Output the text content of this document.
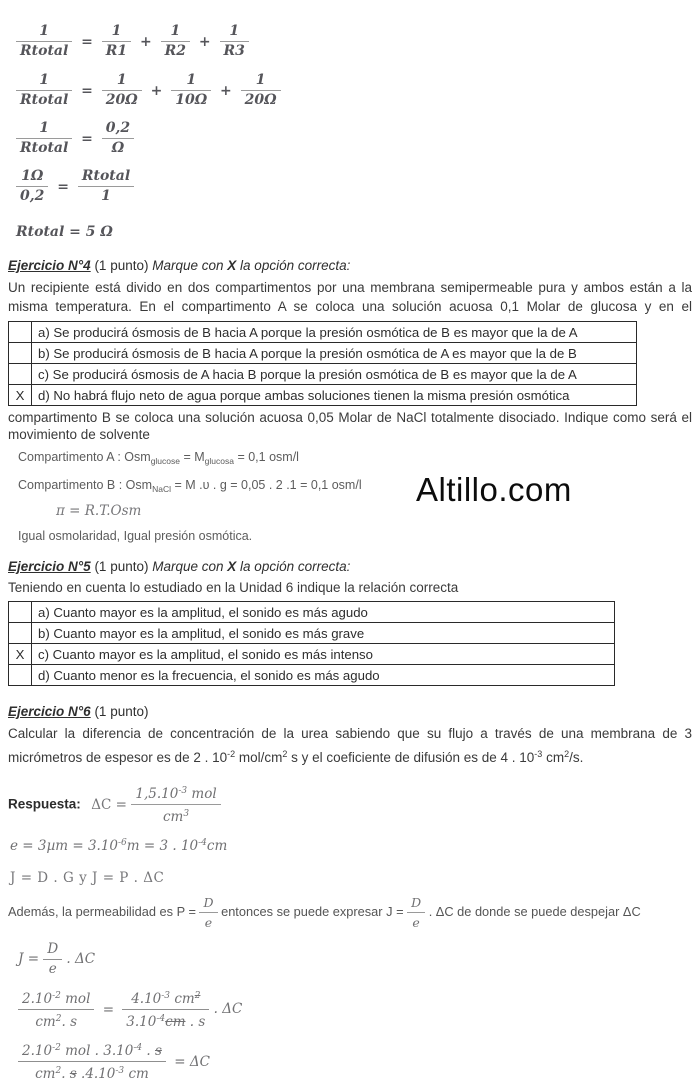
$\frac{1}{\text{Rtotal}} = \frac{1}{R1} + \frac{1}{R2} + \frac{1}{R3}$
$\frac{1}{\text{Rtotal}} = \frac{1}{20\Omega} + \frac{1}{10\Omega} + \frac{1}{20\Omega}$
$\frac{1}{\text{Rtotal}} = \frac{0,2}{\Omega}$
$\frac{1\Omega}{0,2} = \frac{\text{Rtotal}}{1}$
Rtotal = 5 Ω
Ejercicio N°4 (1 punto) Marque con X la opción correcta:
Un recipiente está divido en dos compartimentos por una membrana semipermeable pura y ambos están a la
misma temperatura. En el compartimento A se coloca una solución acuosa 0,1 Molar de glucosa y en el
	a) Se producirá ósmosis de B hacia A porque la presión osmótica de B es mayor que la de A
	b) Se producirá ósmosis de B hacia A porque la presión osmótica de A es mayor que la de B
	c) Se producirá ósmosis de A hacia B porque la presión osmótica de B es mayor que la de A
X	d) No habrá flujo neto de agua porque ambas soluciones tienen la misma presión osmótica
compartimento B se coloca una solución acuosa 0,05 Molar de NaCl totalmente disociado. Indique como será el
movimiento de solvente
Compartimento A : $Osm_{glucose} = M_{glucosa} = 0,1$ osm/l
Compartimento B : Osm$_{NaCl}$ = M .υ . g = 0,05 . 2 .1 = 0,1 osm/l
π = R.T.Osm
Igual osmolaridad, Igual presión osmótica.
Altillo.com
Ejercicio N°5 (1 punto) Marque con X la opción correcta:
Teniendo en cuenta lo estudiado en la Unidad 6 indique la relación correcta
	a) Cuanto mayor es la amplitud, el sonido es más agudo
	b) Cuanto mayor es la amplitud, el sonido es más grave
X	c) Cuanto mayor es la amplitud, el sonido es más intenso
	d) Cuanto menor es la frecuencia, el sonido es más agudo
Ejercicio N°6 (1 punto)
Calcular la diferencia de concentración de la urea sabiendo que su flujo a través de una membrana de 3
micrómetros de espesor es de 2 . $10^{-2}$ mol/$cm^2$ s y el coeficiente de difusión es de 4 . $10^{-3}$ $cm^2/s$.
Respuesta: $\Delta C = \frac{1,5.10^{-3} mol}{cm^3}$
$e = 3\mu m = 3.10^{-6}m = 3$ . $10^{-4}cm$
J = D . G y J = P . ΔC
Además, la permeabilidad es $P = \frac{D}{e}$ entonces se puede expresar $J = \frac{D}{e}$ . ΔC de donde se puede despejar ΔC
$J = \frac{D}{e}$ . ΔC
$\frac{2.10^{-2} mol}{cm^2. s} = \frac{4.10^{-3} cm^2}{3.10^{-4}cm . s}$ . ΔC
$\frac{2.10^{-2} mol . 3.10^{-4} . s}{cm^2. s .4.10^{-3} cm} = \Delta C$
